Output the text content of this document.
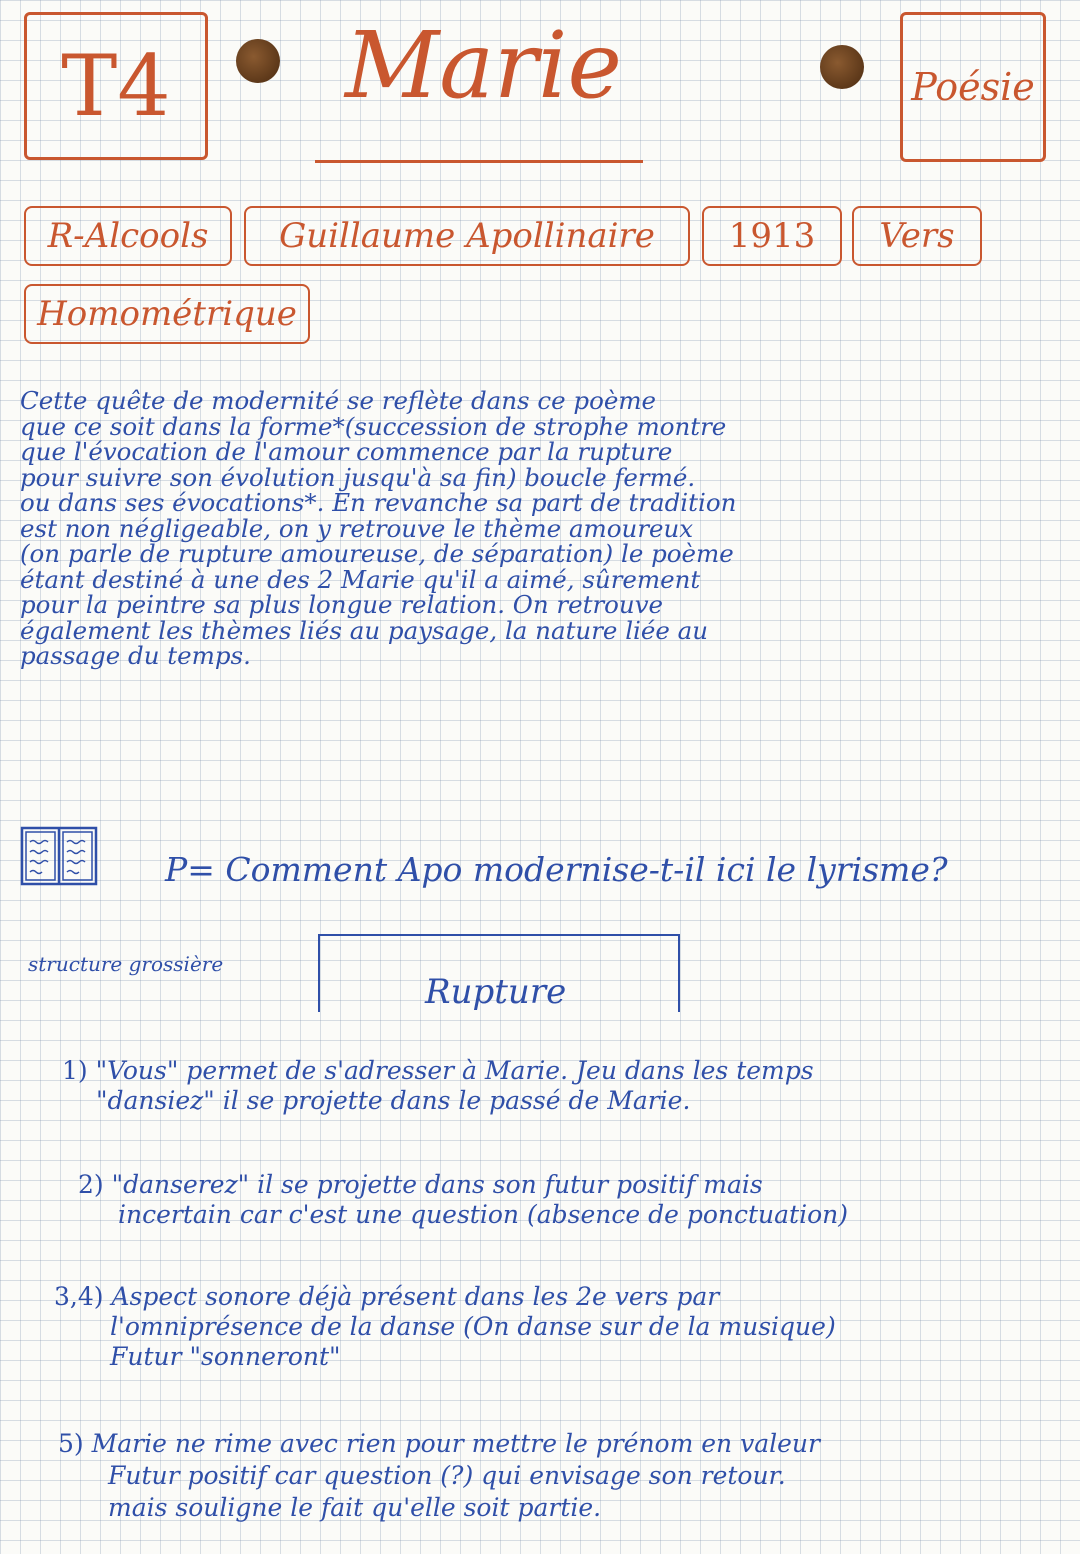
T4 Marie	Poésie
R-Alcools	Guillaume Apollinaire	1913	Vers
Homométrique
Cette quête de modernité se reflète dans ce poème
que ce soit dans la forme*(succession de strophe montre
que l'évocation de l'amour commence par la rupture
pour suivre son évolution jusqu'à sa fin) boucle fermé.
ou dans ses évocations*. En revanche sa part de tradition
est non négligeable, on y retrouve le thème amoureux
(on parle de rupture amoureuse, de séparation) le poème
étant destiné à une des 2 Marie qu'il a aimé, sûrement
pour la peintre sa plus longue relation. On retrouve
également les thèmes liés au paysage, la nature liée au
passage du temps.
P= Comment Apo modernise-t-il ici le lyrisme?
structure grossière
Rupture
1) "Vous" permet de s'adresser à Marie. Jeu dans les temps
"dansiez" il se projette dans le passé de Marie.
2) "danserez" il se projette dans son futur positif mais
incertain car c'est une question (absence de ponctuation)
3,4) Aspect sonore déjà présent dans les 2e vers par
l'omniprésence de la danse (On danse sur de la musique)
Futur "sonneront"
5) Marie ne rime avec rien pour mettre le prénom en valeur
Futur positif car question (?) qui envisage son retour.
mais souligne le fait qu'elle soit partie.
